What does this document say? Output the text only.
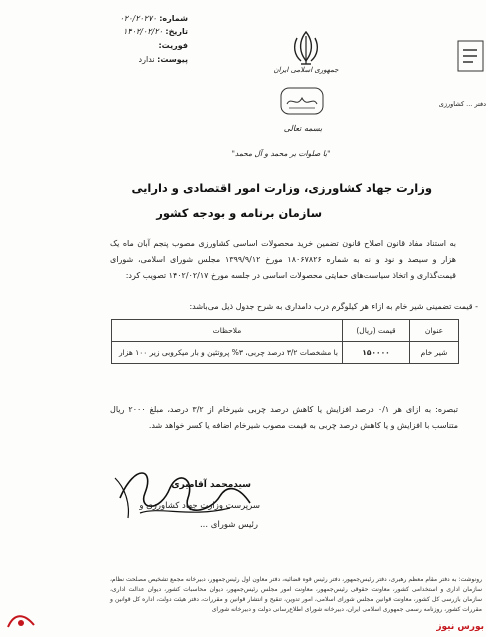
شماره: ۰۲۰/۲۰۲۷۰
تاریخ: ۱۴۰۲/۰۲/۲۰
فوریت:
پیوست: ندارد
جمهوری اسلامی ایران
بسمه تعالی
"با صلوات بر محمد و آل محمد"
دفتر ... کشاورزی
وزارت جهاد کشاورزی، وزارت امور اقتصادی و دارایی
سازمان برنامه و بودجه کشور
به استناد مفاد قانون اصلاح قانون تضمین خرید محصولات اساسی کشاورزی مصوب پنجم آبان ماه یک هزار و سیصد و نود و نه به شماره ۱۸۰۶۷۸۲۶ مورخ ۱۳۹۹/۹/۱۲ مجلس شورای اسلامی، شورای قیمت‌گذاری و اتخاذ سیاست‌های حمایتی محصولات اساسی در جلسه مورخ ۱۴۰۲/۰۲/۱۷ تصویب کرد:
- قیمت تضمینی شیر خام به ازاء هر کیلوگرم درب دامداری به شرح جدول ذیل می‌باشد:
عنوان	قیمت (ریال)	ملاحظات
شیر خام	۱۵۰۰۰۰	با مشخصات ۳/۲ درصد چربی، ۳% پروتئین و بار میکروبی زیر ۱۰۰ هزار
تبصره: به ازای هر ۰/۱ درصد افزایش یا کاهش درصد چربی شیرخام از ۳/۲ درصد، مبلغ ۲۰۰۰ ریال متناسب با افزایش و یا کاهش درصد چربی به قیمت مصوب شیرخام اضافه یا کسر خواهد شد.
سیدمحمد آقامیری
سرپرست وزارت جهاد کشاورزی و
رئیس شورای ...
رونوشت: به دفتر مقام معظم رهبری، دفتر رئیس‌جمهور، دفتر رئیس قوه قضائیه، دفتر معاون اول رئیس‌جمهور، دبیرخانه مجمع تشخیص مصلحت نظام، سازمان اداری و استخدامی کشور، معاونت حقوقی رئیس‌جمهور، معاونت امور مجلس رئیس‌جمهور، دیوان محاسبات کشور، دیوان عدالت اداری، سازمان بازرسی کل کشور، معاونت قوانین مجلس شورای اسلامی، امور تدوین، تنقیح و انتشار قوانین و مقررات، دفتر هیئت دولت، اداره کل قوانین و مقررات کشور، روزنامه رسمی جمهوری اسلامی ایران، دبیرخانه شورای اطلاع‌رسانی دولت و دبیرخانه شورای
بورس نیوز
